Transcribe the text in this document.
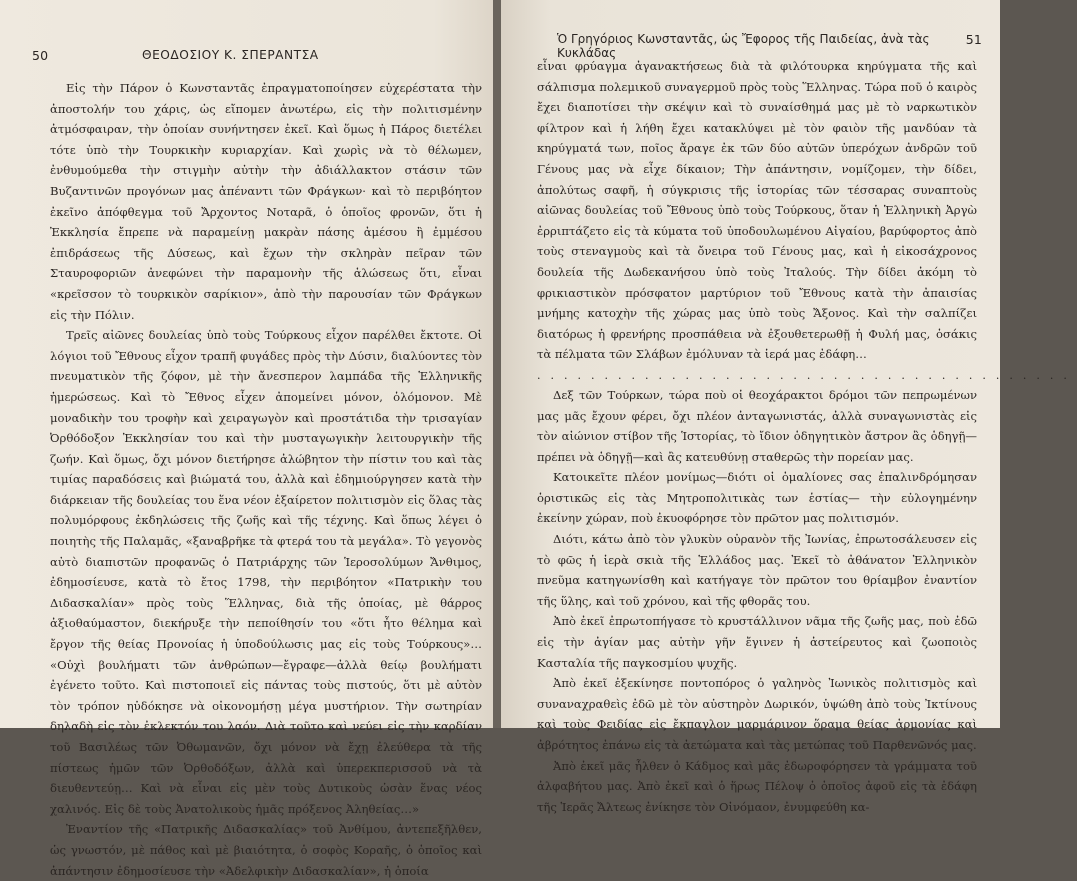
50	ΘΕΟΔΟΣΙΟΥ Κ. ΣΠΕΡΑΝΤΣΑ

Εἰς τὴν Πάρον ὁ Κωνσταντᾶς ἐπραγματοποίησεν εὐχερέστατα τὴν ἀποστολήν του χάρις, ὡς εἴπομεν ἀνωτέρω, εἰς τὴν πολιτισμένην ἀτμόσφαιραν, τὴν ὁποίαν συνήντησεν ἐκεῖ. Καὶ ὅμως ἡ Πάρος διετέλει τότε ὑπὸ τὴν Τουρκικὴν κυριαρχίαν. Καὶ χωρὶς νὰ τὸ θέλωμεν, ἐνθυμούμεθα τὴν στιγμὴν αὐτὴν τὴν ἀδιάλλακτον στάσιν τῶν Βυζαντινῶν προγόνων μας ἀπέναντι τῶν Φράγκων· καὶ τὸ περιβόητον ἐκεῖνο ἀπόφθεγμα τοῦ Ἄρχοντος Νοταρᾶ, ὁ ὁποῖος φρονῶν, ὅτι ἡ Ἐκκλησία ἔπρεπε νὰ παραμείνῃ μακρὰν πάσης ἀμέσου ἢ ἐμμέσου ἐπιδράσεως τῆς Δύσεως, καὶ ἔχων τὴν σκληρὰν πεῖραν τῶν Σταυροφοριῶν ἀνεφώνει τὴν παραμονὴν τῆς ἁλώσεως ὅτι, εἶναι «κρεῖσσον τὸ τουρκικὸν σαρίκιον», ἀπὸ τὴν παρουσίαν τῶν Φράγκων εἰς τὴν Πόλιν.

Τρεῖς αἰῶνες δουλείας ὑπὸ τοὺς Τούρκους εἶχον παρέλθει ἔκτοτε. Οἱ λόγιοι τοῦ Ἔθνους εἶχον τραπῆ φυγάδες πρὸς τὴν Δύσιν, διαλύοντες τὸν πνευματικὸν τῆς ζόφον, μὲ τὴν ἄνεσπερον λαμπάδα τῆς Ἑλληνικῆς ἡμερώσεως. Καὶ τὸ Ἔθνος εἶχεν ἀπομείνει μόνον, ὁλόμονον. Μὲ μοναδικὴν του τροφὴν καὶ χειραγωγὸν καὶ προστάτιδα τὴν τρισαγίαν Ὀρθόδοξον Ἐκκλησίαν του καὶ τὴν μυσταγωγικὴν λειτουργικὴν τῆς ζωήν. Καὶ ὅμως, ὄχι μόνον διετήρησε ἀλώβητον τὴν πίστιν του καὶ τὰς τιμίας παραδόσεις καὶ βιώματά του, ἀλλὰ καὶ ἐδημιούργησεν κατὰ τὴν διάρκειαν τῆς δουλείας του ἕνα νέον ἐξαίρετον πολιτισμὸν εἰς ὅλας τὰς πολυμόρφους ἐκδηλώσεις τῆς ζωῆς καὶ τῆς τέχνης. Καὶ ὅπως λέγει ὁ ποιητὴς τῆς Παλαμᾶς, «ξαναβρῆκε τὰ φτερά του τὰ μεγάλα». Τὸ γεγονὸς αὐτὸ διαπιστῶν προφανῶς ὁ Πατριάρχης τῶν Ἱεροσολύμων Ἄνθιμος, ἐδημοσίευσε, κατὰ τὸ ἔτος 1798, τὴν περιβόητον «Πατρικὴν του Διδασκαλίαν» πρὸς τοὺς Ἕλληνας, διὰ τῆς ὁποίας, μὲ θάρρος ἀξιοθαύμαστον, διεκήρυξε τὴν πεποίθησίν του «ὅτι ἦτο θέλημα καὶ ἔργον τῆς θείας Προνοίας ἡ ὑποδούλωσις μας εἰς τοὺς Τούρκους»… «Οὐχὶ βουλήματι τῶν ἀνθρώπων—ἔγραφε—ἀλλὰ θείῳ βουλήματι ἐγένετο τοῦτο. Καὶ πιστοποιεῖ εἰς πάντας τοὺς πιστούς, ὅτι μὲ αὐτὸν τὸν τρόπον ηὐδόκησε νὰ οἰκονομήσῃ μέγα μυστήριον. Τὴν σωτηρίαν δηλαδὴ εἰς τὸν ἐκλεκτόν του λαόν. Διὰ τοῦτο καὶ νεύει εἰς τὴν καρδίαν τοῦ Βασιλέως τῶν Ὀθωμανῶν, ὄχι μόνον νὰ ἔχῃ ἐλεύθερα τὰ τῆς πίστεως ἡμῶν τῶν Ὀρθοδόξων, ἀλλὰ καὶ ὑπερεκπερισσοῦ νὰ τὰ διευθεντεύῃ… Καὶ νὰ εἶναι εἰς μὲν τοὺς Δυτικοὺς ὡσὰν ἕνας νέος χαλινός. Εἰς δὲ τοὺς Ἀνατολικοὺς ἡμᾶς πρόξενος Ἀληθείας…»

Ἐναντίον τῆς «Πατρικῆς Διδασκαλίας» τοῦ Ἀνθίμου, ἀντεπεξῆλθεν, ὡς γνωστόν, μὲ πάθος καὶ μὲ βιαιότητα, ὁ σοφὸς Κοραῆς, ὁ ὁποῖος καὶ ἀπάντησιν ἐδημοσίευσε τὴν «Ἀδελφικὴν Διδασκαλίαν», ἡ ὁποία

Ὁ Γρηγόριος Κωνσταντᾶς, ὡς Ἔφορος τῆς Παιδείας, ἀνὰ τὰς Κυκλάδας
51

εἶναι φρύαγμα ἀγανακτήσεως διὰ τὰ φιλότουρκα κηρύγματα τῆς καὶ σάλπισμα πολεμικοῦ συναγερμοῦ πρὸς τοὺς Ἕλληνας. Τώρα ποῦ ὁ καιρὸς ἔχει διαποτίσει τὴν σκέψιν καὶ τὸ συναίσθημά μας μὲ τὸ ναρκωτικὸν φίλτρον καὶ ἡ λήθη ἔχει κατακλύψει μὲ τὸν φαιὸν τῆς μανδύαν τὰ κηρύγματά των, ποῖος ἄραγε ἐκ τῶν δύο αὐτῶν ὑπερόχων ἀνδρῶν τοῦ Γένους μας νὰ εἶχε δίκαιον; Τὴν ἀπάντησιν, νομίζομεν, τὴν δίδει, ἀπολύτως σαφῆ, ἡ σύγκρισις τῆς ἱστορίας τῶν τέσσαρας συναπτοὺς αἰῶνας δουλείας τοῦ Ἔθνους ὑπὸ τοὺς Τούρκους, ὅταν ἡ Ἑλληνικὴ Ἀργὼ ἐρριπτάζετο εἰς τὰ κύματα τοῦ ὑποδουλωμένου Αἰγαίου, βαρύφορτος ἀπὸ τοὺς στεναγμοὺς καὶ τὰ ὄνειρα τοῦ Γένους μας, καὶ ἡ εἰκοσάχρονος δουλεία τῆς Δωδεκανήσου ὑπὸ τοὺς Ἰταλούς. Τὴν δίδει ἀκόμη τὸ φρικιαστικὸν πρόσφατον μαρτύριον τοῦ Ἔθνους κατὰ τὴν ἀπαισίας μνήμης κατοχὴν τῆς χώρας μας ὑπὸ τοὺς Ἄξονος. Καὶ τὴν σαλπίζει διατόρως ἡ φρενήρης προσπάθεια νὰ ἐξουθετερωθῇ ἡ Φυλή μας, ὁσάκις τὰ πέλματα τῶν Σλάβων ἐμόλυναν τὰ ἱερά μας ἐδάφη…

........................................

Δεξ τῶν Τούρκων, τώρα ποὺ οἱ θεοχάρακτοι δρόμοι τῶν πεπρωμένων μας μᾶς ἔχουν φέρει, ὄχι πλέον ἀνταγωνιστάς, ἀλλὰ συναγωνιστὰς εἰς τὸν αἰώνιον στίβον τῆς Ἱστορίας, τὸ ἴδιον ὁδηγητικὸν ἄστρον ἂς ὁδηγῇ—πρέπει νὰ ὁδηγῇ—καὶ ἂς κατευθύνῃ σταθερῶς τὴν πορείαν μας.

Κατοικεῖτε πλέον μονίμως—διότι οἱ ὁμαλίονες σας ἐπαλινδρόμησαν ὁριστικῶς εἰς τὰς Μητροπολιτικὰς των ἑστίας— τὴν εὐλογημένην ἐκείνην χώραν, ποὺ ἐκυοφόρησε τὸν πρῶτον μας πολιτισμόν.

Διότι, κάτω ἀπὸ τὸν γλυκὺν οὐρανὸν τῆς Ἰωνίας, ἐπρωτοσάλευσεν εἰς τὸ φῶς ἡ ἱερὰ σκιὰ τῆς Ἑλλάδος μας. Ἐκεῖ τὸ ἀθάνατον Ἑλληνικὸν πνεῦμα κατηγωνίσθη καὶ κατήγαγε τὸν πρῶτον του θρίαμβον ἐναντίον τῆς ὕλης, καὶ τοῦ χρόνου, καὶ τῆς φθορᾶς του.

Ἀπὸ ἐκεῖ ἐπρωτοπήγασε τὸ κρυστάλλινον νᾶμα τῆς ζωῆς μας, ποὺ ἐδῶ εἰς τὴν ἀγίαν μας αὐτὴν γῆν ἔγινεν ἡ ἀστείρευτος καὶ ζωοποιὸς Κασταλία τῆς παγκοσμίου ψυχῆς.

Ἀπὸ ἐκεῖ ἐξεκίνησε ποντοπόρος ὁ γαληνὸς Ἰωνικὸς πολιτισμὸς καὶ συναναχραθεὶς ἐδῶ μὲ τὸν αὐστηρὸν Δωρικόν, ὑψώθη ἀπὸ τοὺς Ἰκτίνους καὶ τοὺς Φειδίας εἰς ἔκπαγλον μαρμάρινον ὅραμα θείας ἁρμονίας καὶ ἀβρότητος ἐπάνω εἰς τὰ ἀετώματα καὶ τὰς μετώπας τοῦ Παρθενῶνός μας.

Ἀπὸ ἐκεῖ μᾶς ἦλθεν ὁ Κάδμος καὶ μᾶς ἐδωροφόρησεν τὰ γράμματα τοῦ ἀλφαβήτου μας. Ἀπὸ ἐκεῖ καὶ ὁ ἥρως Πέλοψ ὁ ὁποῖος ἀφοῦ εἰς τὰ ἐδάφη τῆς Ἱερᾶς Ἄλτεως ἐνίκησε τὸν Οἰνόμαον, ἐνυμφεύθη κα-
